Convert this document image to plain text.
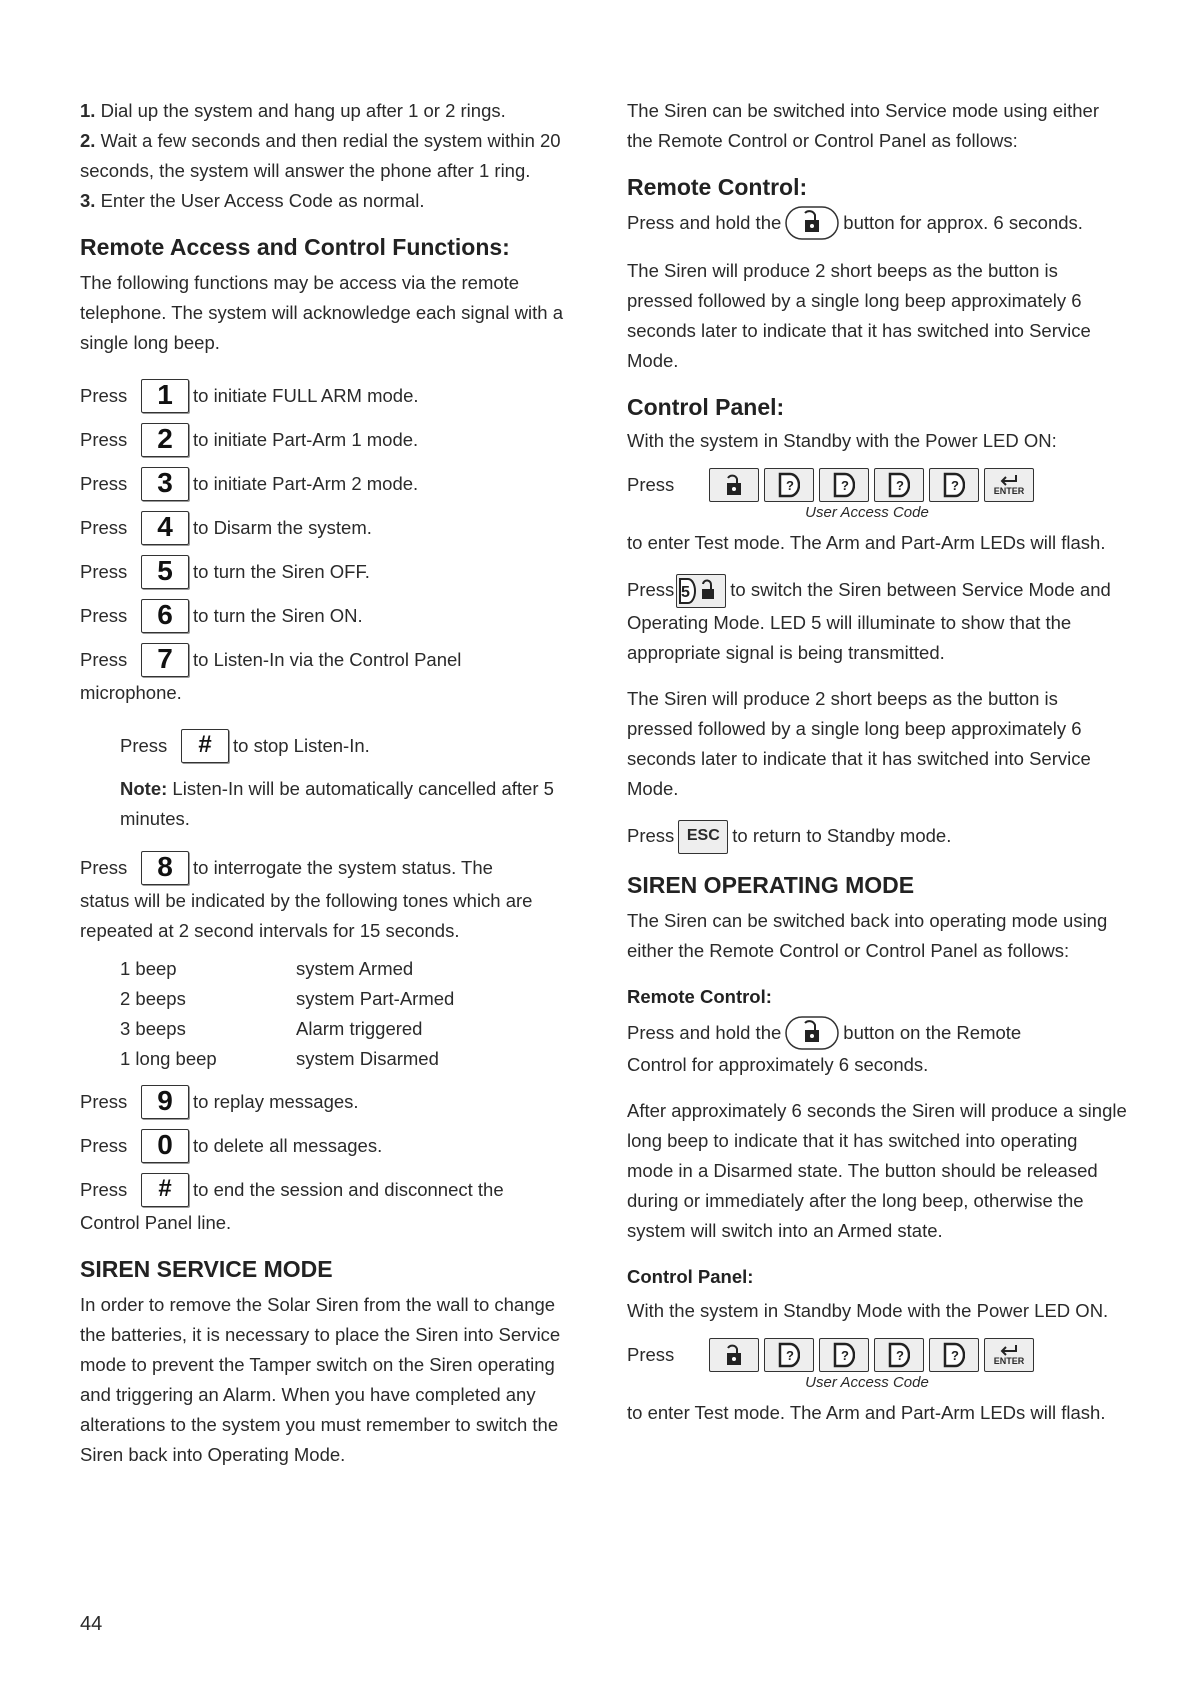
1. Dial up the system and hang up after 1 or 2 rings.

2. Wait a few seconds and then redial the system within 20 seconds, the system will answer the phone after 1 ring.

3. Enter the User Access Code as normal.

Remote Access and Control Functions:

The following functions may be access via the remote telephone. The system will acknowledge each signal with a single long beep.

Press	1	to initiate FULL ARM mode.
Press	2	to initiate Part-Arm 1 mode.
Press	3	to initiate Part-Arm 2 mode.
Press	4	to Disarm the system.
Press	5	to turn the Siren OFF.
Press	6	to turn the Siren ON.
Press	7	to Listen-In via the Control Panel

microphone.

Press	#	to stop Listen-In.

Note: Listen-In will be automatically cancelled after 5 minutes.

Press	8	to interrogate the system status. The

status will be indicated by the following tones which are repeated at 2 second intervals for 15 seconds.

1 beep	system Armed
2 beeps	system Part-Armed
3 beeps	Alarm triggered
1 long beep	system Disarmed
Press	9	to replay messages.
Press	0	to delete all messages.
Press	#	to end the session and disconnect the

Control Panel line.

SIREN SERVICE MODE

In order to remove the Solar Siren from the wall to change the batteries, it is necessary to place the Siren into Service mode to prevent the Tamper switch on the Siren operating and triggering an Alarm. When you have completed any alterations to the system you must remember to switch the Siren back into Operating Mode.

The Siren can be switched into Service mode using either the Remote Control or Control Panel as follows:

Remote Control:

Press and hold the	button for approx. 6 seconds.

The Siren will produce 2 short beeps as the button is pressed followed by a single long beep approximately 6 seconds later to indicate that it has switched into Service Mode.

Control Panel:

With the system in Standby with the Power LED ON:

Press	?	?	?	?	ENTER
User Access Code

to enter Test mode. The Arm and Part-Arm LEDs will flash.

Press 5 to switch the Siren between Service Mode and Operating Mode. LED 5 will illuminate to show that the appropriate signal is being transmitted.

The Siren will produce 2 short beeps as the button is pressed followed by a single long beep approximately 6 seconds later to indicate that it has switched into Service Mode.

Press ESC to return to Standby mode.

SIREN OPERATING MODE

The Siren can be switched back into operating mode using either the Remote Control or Control Panel as follows:

Remote Control:

Press and hold the	button on the Remote

Control for approximately 6 seconds.

After approximately 6 seconds the Siren will produce a single long beep to indicate that it has switched into operating mode in a Disarmed state. The button should be released during or immediately after the long beep, otherwise the system will switch into an Armed state.

Control Panel:

With the system in Standby Mode with the Power LED ON.

Press	?	?	?	?	ENTER
User Access Code

to enter Test mode. The Arm and Part-Arm LEDs will flash.

44
